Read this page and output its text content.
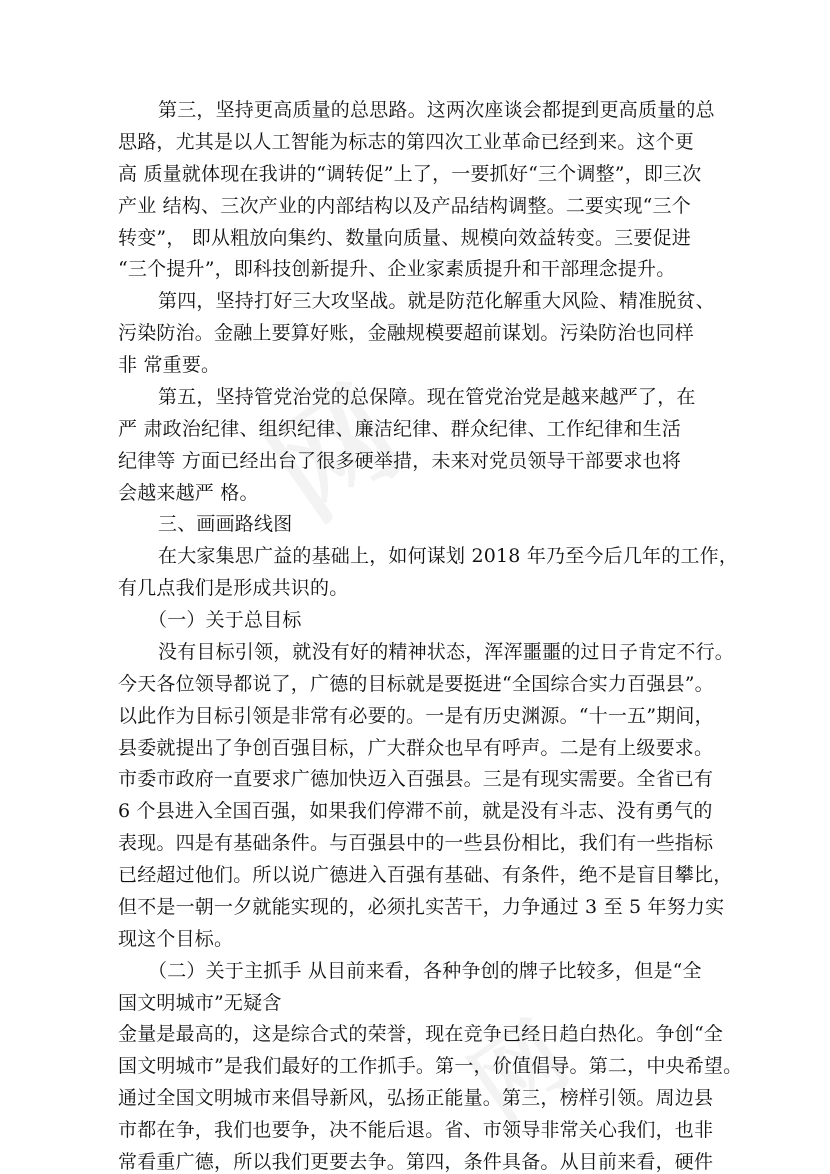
第三，坚持更高质量的总思路。这两次座谈会都提到更高质量的总
思路，尤其是以人工智能为标志的第四次工业革命已经到来。这个更
高 质量就体现在我讲的“调转促”上了，一要抓好“三个调整”，即三次
产业 结构、三次产业的内部结构以及产品结构调整。二要实现“三个
转变”， 即从粗放向集约、数量向质量、规模向效益转变。三要促进
“三个提升”，即科技创新提升、企业家素质提升和干部理念提升。
第四，坚持打好三大攻坚战。就是防范化解重大风险、精准脱贫、
污染防治。金融上要算好账，金融规模要超前谋划。污染防治也同样
非 常重要。
第五，坚持管党治党的总保障。现在管党治党是越来越严了，在
严 肃政治纪律、组织纪律、廉洁纪律、群众纪律、工作纪律和生活
纪律等 方面已经出台了很多硬举措，未来对党员领导干部要求也将
会越来越严 格。
三、画画路线图
在大家集思广益的基础上，如何谋划 2018 年乃至今后几年的工作，
有几点我们是形成共识的。
（一）关于总目标
没有目标引领，就没有好的精神状态，浑浑噩噩的过日子肯定不行。
今天各位领导都说了，广德的目标就是要挺进“全国综合实力百强县”。
以此作为目标引领是非常有必要的。一是有历史渊源。“十一五”期间，
县委就提出了争创百强目标，广大群众也早有呼声。二是有上级要求。
市委市政府一直要求广德加快迈入百强县。三是有现实需要。全省已有
6 个县进入全国百强，如果我们停滞不前，就是没有斗志、没有勇气的
表现。四是有基础条件。与百强县中的一些县份相比，我们有一些指标
已经超过他们。所以说广德进入百强有基础、有条件，绝不是盲目攀比，
但不是一朝一夕就能实现的，必须扎实苦干，力争通过 3 至 5 年努力实
现这个目标。
（二）关于主抓手 从目前来看，各种争创的牌子比较多，但是“全
国文明城市”无疑含
金量是最高的，这是综合式的荣誉，现在竞争已经日趋白热化。争创“全
国文明城市”是我们最好的工作抓手。第一，价值倡导。第二，中央希望。
通过全国文明城市来倡导新风，弘扬正能量。第三，榜样引领。周边县
市都在争，我们也要争，决不能后退。省、市领导非常关心我们，也非
常看重广德，所以我们更要去争。第四，条件具备。从目前来看，硬件
